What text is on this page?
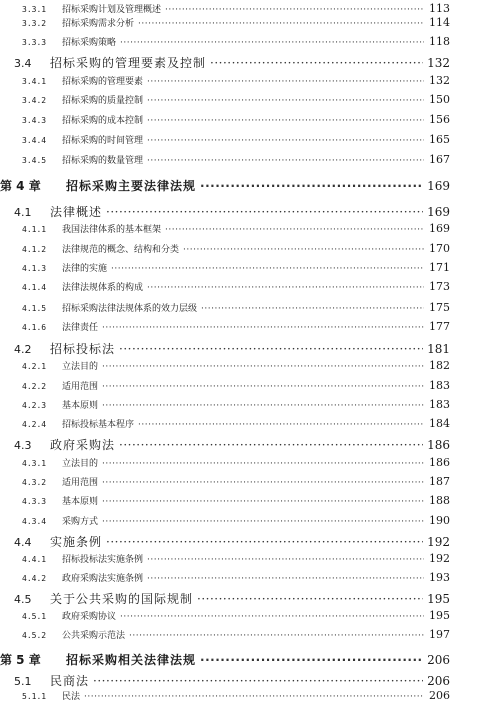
3.3.1	招标采购计划及管理概述 ·····	113
3.3.2	招标采购需求分析 ·····	114
3.3.3	招标采购策略 ·····	118
3.4	招标采购的管理要素及控制 ·····	132
3.4.1	招标采购的管理要素 ·····	132
3.4.2	招标采购的质量控制 ·····	150
3.4.3	招标采购的成本控制 ·····	156
3.4.4	招标采购的时间管理 ·····	165
3.4.5	招标采购的数量管理 ·····	167
第 4 章	招标采购主要法律法规 ·····	169
4.1	法律概述 ·····	169
4.1.1	我国法律体系的基本框架 ·····	169
4.1.2	法律规范的概念、结构和分类 ·····	170
4.1.3	法律的实施 ·····	171
4.1.4	法律法规体系的构成 ·····	173
4.1.5	招标采购法律法规体系的效力层级 ·····	175
4.1.6	法律责任 ·····	177
4.2	招标投标法 ·····	181
4.2.1	立法目的 ·····	182
4.2.2	适用范围 ·····	183
4.2.3	基本原则 ·····	183
4.2.4	招标投标基本程序 ·····	184
4.3	政府采购法 ·····	186
4.3.1	立法目的 ·····	186
4.3.2	适用范围 ·····	187
4.3.3	基本原则 ·····	188
4.3.4	采购方式 ·····	190
4.4	实施条例 ·····	192
4.4.1	招标投标法实施条例 ·····	192
4.4.2	政府采购法实施条例 ·····	193
4.5	关于公共采购的国际规制 ·····	195
4.5.1	政府采购协议 ·····	195
4.5.2	公共采购示范法 ·····	197
第 5 章	招标采购相关法律法规 ·····	206
5.1	民商法 ·····	206
5.1.1	民法 ·····	206
